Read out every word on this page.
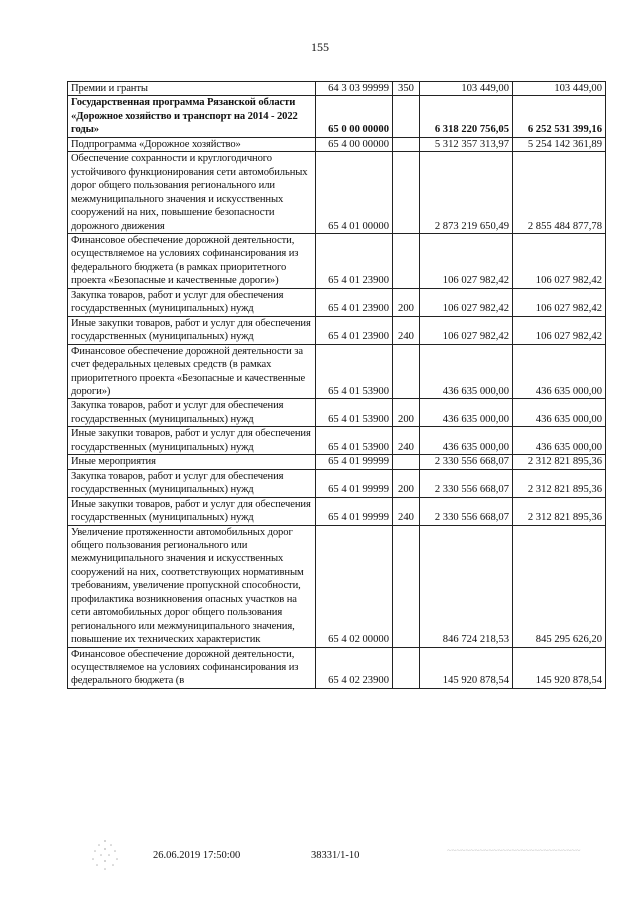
155
Премии и гранты	64 3 03 99999	350	103 449,00	103 449,00
Государственная программа Рязанской области «Дорожное хозяйство и транспорт на 2014 - 2022 годы»	65 0 00 00000		6 318 220 756,05	6 252 531 399,16
Подпрограмма «Дорожное хозяйство»	65 4 00 00000		5 312 357 313,97	5 254 142 361,89
Обеспечение сохранности и круглогодичного устойчивого функционирования сети автомобильных дорог общего пользования регионального или межмуниципального значения и искусственных сооружений на них, повышение безопасности дорожного движения	65 4 01 00000		2 873 219 650,49	2 855 484 877,78
Финансовое обеспечение дорожной деятельности, осуществляемое на условиях софинансирования из федерального бюджета (в рамках приоритетного проекта «Безопасные и качественные дороги»)	65 4 01 23900		106 027 982,42	106 027 982,42
Закупка товаров, работ и услуг для обеспечения государственных (муниципальных) нужд	65 4 01 23900	200	106 027 982,42	106 027 982,42
Иные закупки товаров, работ и услуг для обеспечения государственных (муниципальных) нужд	65 4 01 23900	240	106 027 982,42	106 027 982,42
Финансовое обеспечение дорожной деятельности за счет федеральных целевых средств (в рамках приоритетного проекта «Безопасные и качественные дороги»)	65 4 01 53900		436 635 000,00	436 635 000,00
Закупка товаров, работ и услуг для обеспечения государственных (муниципальных) нужд	65 4 01 53900	200	436 635 000,00	436 635 000,00
Иные закупки товаров, работ и услуг для обеспечения государственных (муниципальных) нужд	65 4 01 53900	240	436 635 000,00	436 635 000,00
Иные мероприятия	65 4 01 99999		2 330 556 668,07	2 312 821 895,36
Закупка товаров, работ и услуг для обеспечения государственных (муниципальных) нужд	65 4 01 99999	200	2 330 556 668,07	2 312 821 895,36
Иные закупки товаров, работ и услуг для обеспечения государственных (муниципальных) нужд	65 4 01 99999	240	2 330 556 668,07	2 312 821 895,36
Увеличение протяженности автомобильных дорог общего пользования регионального или межмуниципального значения и искусственных сооружений на них, соответствующих нормативным требованиям, увеличение пропускной способности, профилактика возникновения опасных участков на сети автомобильных дорог общего пользования регионального или межмуниципального значения, повышение их технических характеристик	65 4 02 00000		846 724 218,53	845 295 626,20
Финансовое обеспечение дорожной деятельности, осуществляемое на условиях софинансирования из федерального бюджета (в	65 4 02 23900		145 920 878,54	145 920 878,54
26.06.2019 17:50:00	38331/1-10	~~~~~~~~~~~~~~~~~~~~~~~~~~~~~
